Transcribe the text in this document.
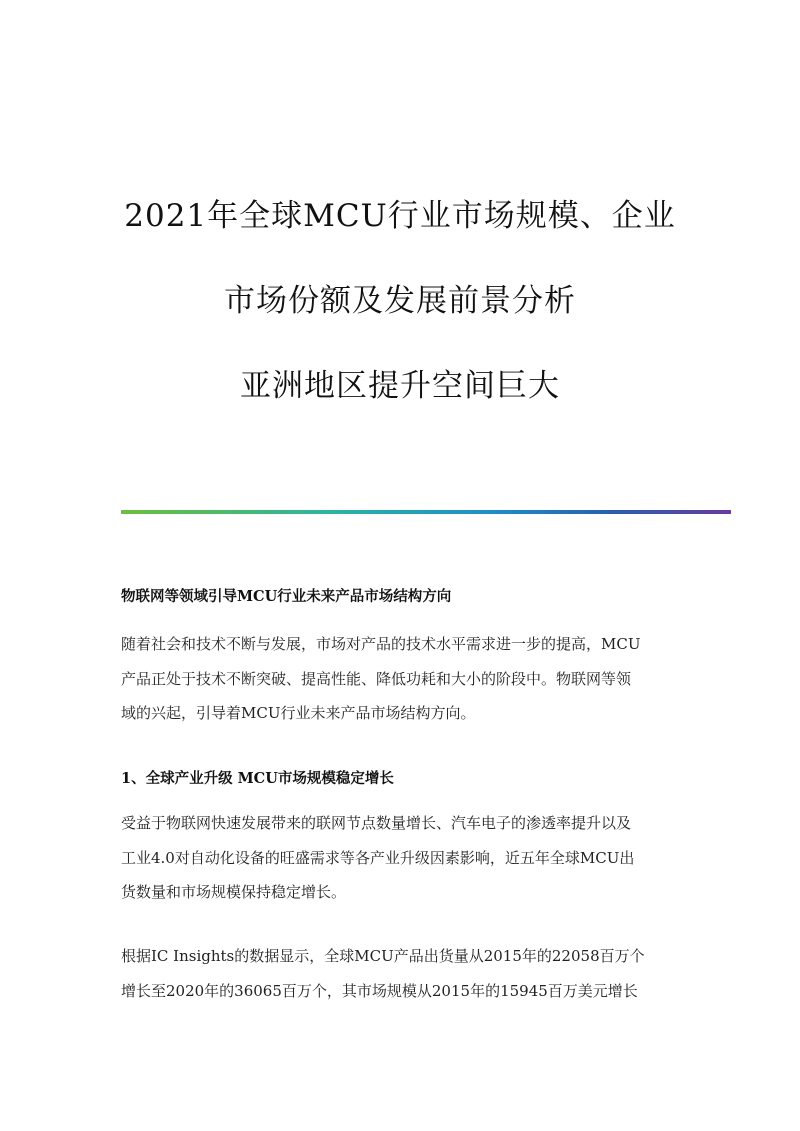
2021年全球MCU行业市场规模、企业
市场份额及发展前景分析
亚洲地区提升空间巨大
物联网等领域引导MCU行业未来产品市场结构方向
随着社会和技术不断与发展，市场对产品的技术水平需求进一步的提高，MCU
产品正处于技术不断突破、提高性能、降低功耗和大小的阶段中。物联网等领
域的兴起，引导着MCU行业未来产品市场结构方向。
1、全球产业升级 MCU市场规模稳定增长
受益于物联网快速发展带来的联网节点数量增长、汽车电子的渗透率提升以及
工业4.0对自动化设备的旺盛需求等各产业升级因素影响，近五年全球MCU出
货数量和市场规模保持稳定增长。
根据IC Insights的数据显示，全球MCU产品出货量从2015年的22058百万个
增长至2020年的36065百万个，其市场规模从2015年的15945百万美元增长
